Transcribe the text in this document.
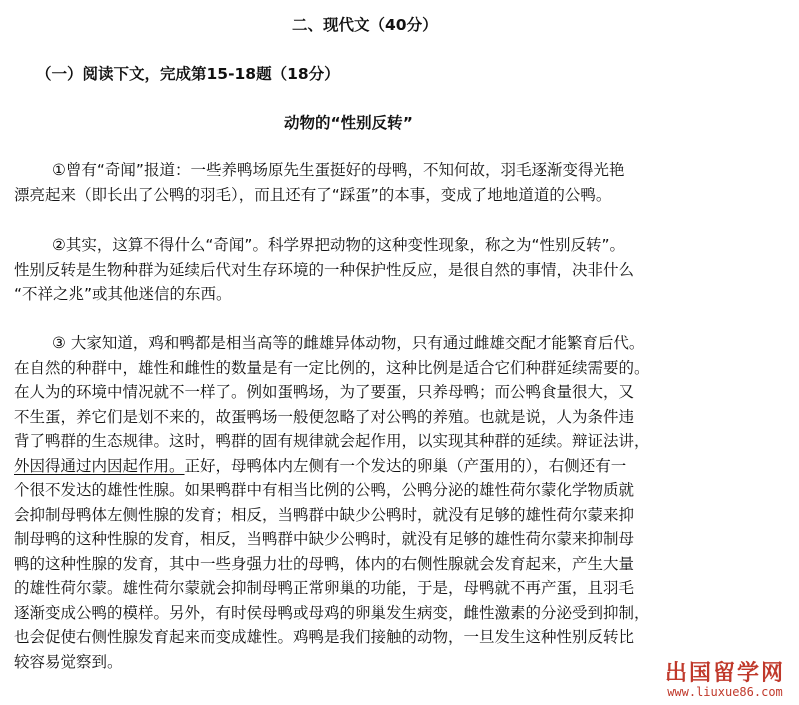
二、现代文（40分）
（一）阅读下文，完成第15-18题（18分）
动物的“性别反转”

①曾有“奇闻”报道：一些养鸭场原先生蛋挺好的母鸭，不知何故，羽毛逐渐变得光艳

漂亮起来（即长出了公鸭的羽毛），而且还有了“踩蛋”的本事，变成了地地道道的公鸭。

②其实，这算不得什么“奇闻”。科学界把动物的这种变性现象，称之为“性别反转”。

性别反转是生物种群为延续后代对生存环境的一种保护性反应，是很自然的事情，决非什么

“不祥之兆”或其他迷信的东西。

③ 大家知道，鸡和鸭都是相当高等的雌雄异体动物，只有通过雌雄交配才能繁育后代。

在自然的种群中，雄性和雌性的数量是有一定比例的，这种比例是适合它们种群延续需要的。

在人为的环境中情况就不一样了。例如蛋鸭场，为了要蛋，只养母鸭；而公鸭食量很大，又

不生蛋，养它们是划不来的，故蛋鸭场一般便忽略了对公鸭的养殖。也就是说，人为条件违

背了鸭群的生态规律。这时，鸭群的固有规律就会起作用，以实现其种群的延续。辩证法讲，

外因得通过内因起作用。正好，母鸭体内左侧有一个发达的卵巢（产蛋用的），右侧还有一

个很不发达的雄性性腺。如果鸭群中有相当比例的公鸭，公鸭分泌的雄性荷尔蒙化学物质就

会抑制母鸭体左侧性腺的发育；相反，当鸭群中缺少公鸭时，就没有足够的雄性荷尔蒙来抑

制母鸭的这种性腺的发育，相反，当鸭群中缺少公鸭时，就没有足够的雄性荷尔蒙来抑制母

鸭的这种性腺的发育，其中一些身强力壮的母鸭，体内的右侧性腺就会发育起来，产生大量

的雄性荷尔蒙。雄性荷尔蒙就会抑制母鸭正常卵巢的功能，于是，母鸭就不再产蛋，且羽毛

逐渐变成公鸭的模样。另外，有时侯母鸭或母鸡的卵巢发生病变，雌性激素的分泌受到抑制，

也会促使右侧性腺发育起来而变成雄性。鸡鸭是我们接触的动物，一旦发生这种性别反转比

较容易觉察到。	出国留学网
www.liuxue86.com
